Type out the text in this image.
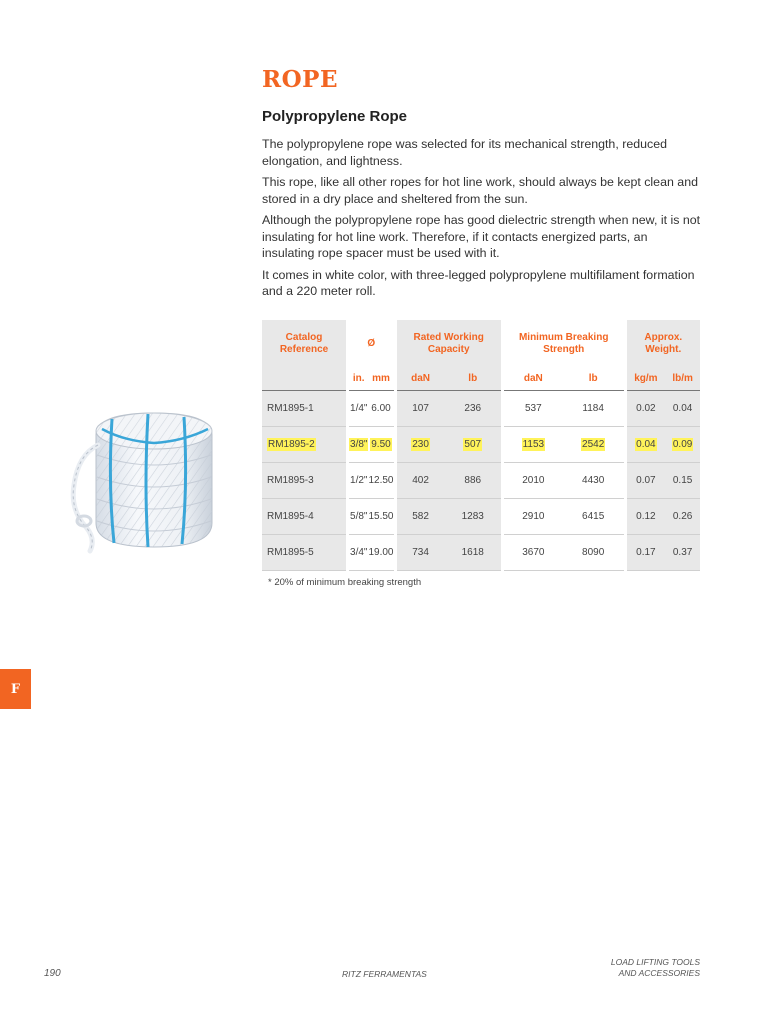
ROPE
Polypropylene Rope

The polypropylene rope was selected for its mechanical strength, reduced elongation, and lightness.

This rope, like all other ropes for hot line work, should always be kept clean and stored in a dry place and sheltered from the sun.

Although the polypropylene rope has good dielectric strength when new, it is not insulating for hot line work. Therefore, if it contacts energized parts, an insulating rope spacer must be used with it.

It comes in white color, with three-legged polypropylene multifilament formation and a 220 meter roll.

Catalog Reference	Ø		Rated Working Capacity		Minimum Breaking Strength		Approx. Weight.	
	in.	mm	daN	lb	daN	lb	kg/m	lb/m
RM1895-1	1/4"	6.00	107	236	537	1184	0.02	0.04
RM1895-2	3/8"	9.50	230	507	1153	2542	0.04	0.09
RM1895-3	1/2"	12.50	402	886	2010	4430	0.07	0.15
RM1895-4	5/8"	15.50	582	1283	2910	6415	0.12	0.26
RM1895-5	3/4"	19.00	734	1618	3670	8090	0.17	0.37
* 20% of minimum breaking strength
F
190	RITZ FERRAMENTAS
LOAD LIFTING TOOLS
AND ACCESSORIES
